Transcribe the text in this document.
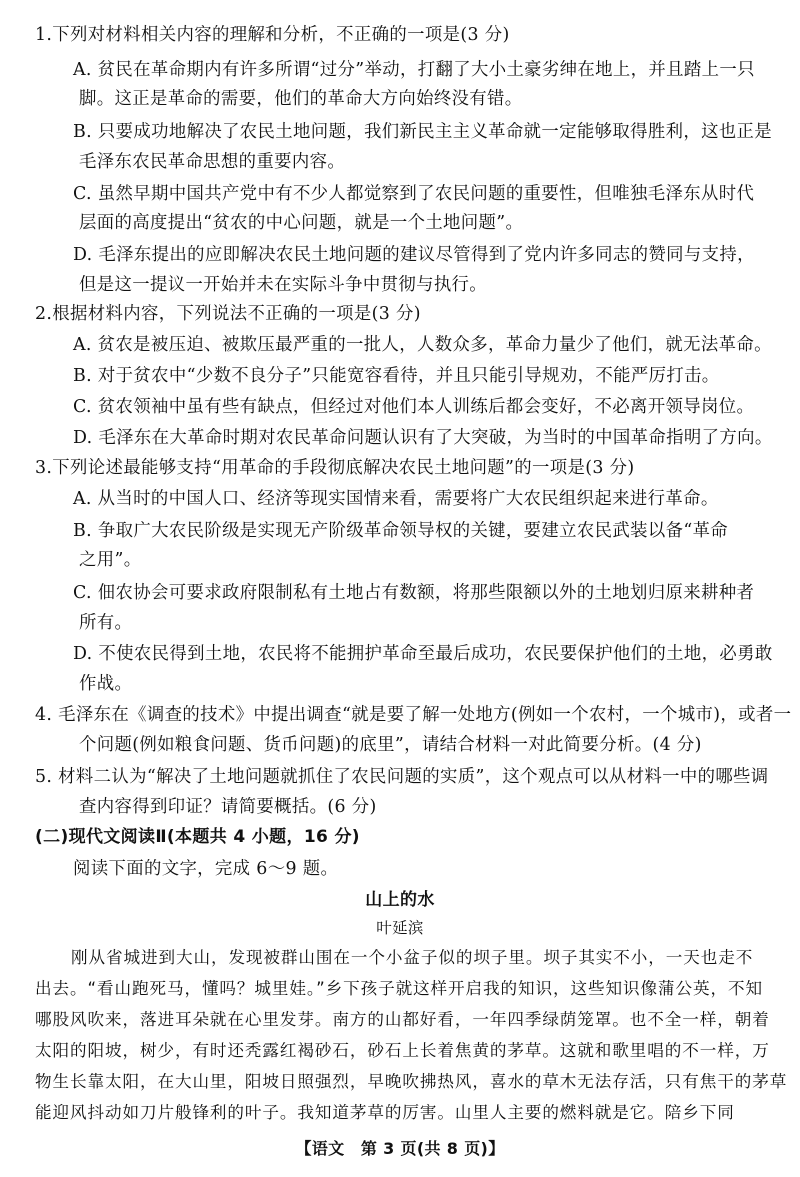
1.下列对材料相关内容的理解和分析，不正确的一项是(3 分)
A. 贫民在革命期内有许多所谓“过分”举动，打翻了大小土豪劣绅在地上，并且踏上一只
脚。这正是革命的需要，他们的革命大方向始终没有错。
B. 只要成功地解决了农民土地问题，我们新民主主义革命就一定能够取得胜利，这也正是
毛泽东农民革命思想的重要内容。
C. 虽然早期中国共产党中有不少人都觉察到了农民问题的重要性，但唯独毛泽东从时代
层面的高度提出“贫农的中心问题，就是一个土地问题”。
D. 毛泽东提出的应即解决农民土地问题的建议尽管得到了党内许多同志的赞同与支持，
但是这一提议一开始并未在实际斗争中贯彻与执行。
2.根据材料内容，下列说法不正确的一项是(3 分)
A. 贫农是被压迫、被欺压最严重的一批人，人数众多，革命力量少了他们，就无法革命。
B. 对于贫农中“少数不良分子”只能宽容看待，并且只能引导规劝，不能严厉打击。
C. 贫农领袖中虽有些有缺点，但经过对他们本人训练后都会变好，不必离开领导岗位。
D. 毛泽东在大革命时期对农民革命问题认识有了大突破，为当时的中国革命指明了方向。
3.下列论述最能够支持“用革命的手段彻底解决农民土地问题”的一项是(3 分)
A. 从当时的中国人口、经济等现实国情来看，需要将广大农民组织起来进行革命。
B. 争取广大农民阶级是实现无产阶级革命领导权的关键，要建立农民武装以备“革命
之用”。
C. 佃农协会可要求政府限制私有土地占有数额，将那些限额以外的土地划归原来耕种者
所有。
D. 不使农民得到土地，农民将不能拥护革命至最后成功，农民要保护他们的土地，必勇敢
作战。
4. 毛泽东在《调查的技术》中提出调查“就是要了解一处地方(例如一个农村，一个城市)，或者一
个问题(例如粮食问题、货币问题)的底里”，请结合材料一对此简要分析。(4 分)
5. 材料二认为“解决了土地问题就抓住了农民问题的实质”，这个观点可以从材料一中的哪些调
查内容得到印证？请简要概括。(6 分)
(二)现代文阅读Ⅱ(本题共 4 小题，16 分)
阅读下面的文字，完成 6～9 题。
山上的水
叶延滨
刚从省城进到大山，发现被群山围在一个小盆子似的坝子里。坝子其实不小，一天也走不
出去。“看山跑死马，懂吗？城里娃。”乡下孩子就这样开启我的知识，这些知识像蒲公英，不知
哪股风吹来，落进耳朵就在心里发芽。南方的山都好看，一年四季绿荫笼罩。也不全一样，朝着
太阳的阳坡，树少，有时还秃露红褐砂石，砂石上长着焦黄的茅草。这就和歌里唱的不一样，万
物生长靠太阳，在大山里，阳坡日照强烈，早晚吹拂热风，喜水的草木无法存活，只有焦干的茅草
能迎风抖动如刀片般锋利的叶子。我知道茅草的厉害。山里人主要的燃料就是它。陪乡下同
【语文　第 3 页(共 8 页)】
